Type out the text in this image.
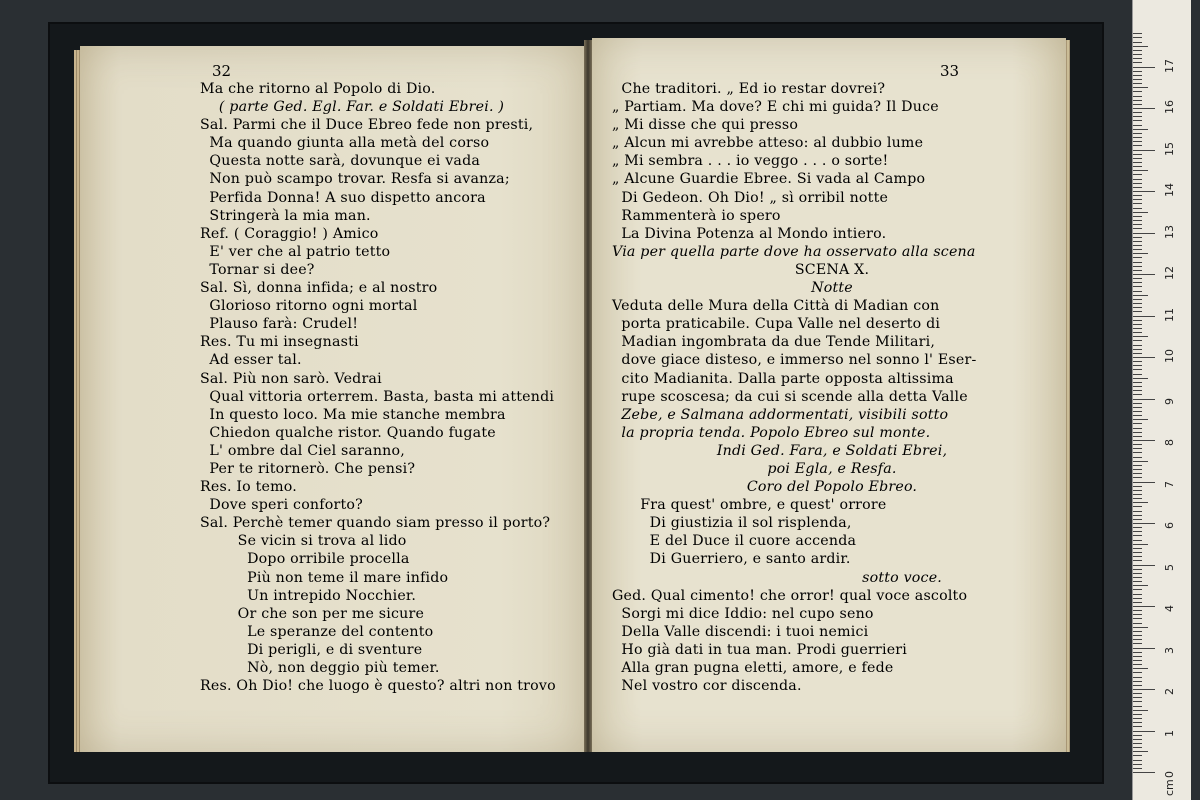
32	33
Ma che ritorno al Popolo di Dio.
( parte Ged. Egl. Far. e Soldati Ebrei. )
Sal. Parmi che il Duce Ebreo fede non presti,
Ma quando giunta alla metà del corso
Questa notte sarà, dovunque ei vada
Non può scampo trovar. Resfa si avanza;
Perfida Donna! A suo dispetto ancora
Stringerà la mia man.
Ref. ( Coraggio! ) Amico
E' ver che al patrio tetto
Tornar si dee?
Sal. Sì, donna infida; e al nostro
Glorioso ritorno ogni mortal
Plauso farà: Crudel!
Res. Tu mi insegnasti
Ad esser tal.
Sal. Più non sarò. Vedrai
Qual vittoria orterrem. Basta, basta mi attendi
In questo loco. Ma mie stanche membra
Chiedon qualche ristor. Quando fugate
L' ombre dal Ciel saranno,
Per te ritornerò. Che pensi?
Res. Io temo.
Dove speri conforto?
Sal. Perchè temer quando siam presso il porto?
Se vicin si trova al lido
Dopo orribile procella
Più non teme il mare infido
Un intrepido Nocchier.
Or che son per me sicure
Le speranze del contento
Di perigli, e di sventure
Nò, non deggio più temer.
Res. Oh Dio! che luogo è questo? altri non trovo
Che traditori. „ Ed io restar dovrei?
„ Partiam. Ma dove? E chi mi guida? Il Duce
„ Mi disse che qui presso
„ Alcun mi avrebbe atteso: al dubbio lume
„ Mi sembra . . . io veggo . . . o sorte!
„ Alcune Guardie Ebree. Si vada al Campo
Di Gedeon. Oh Dio! „ sì orribil notte
Rammenterà io spero
La Divina Potenza al Mondo intiero.
Via per quella parte dove ha osservato alla scena
SCENA X.
Notte
Veduta delle Mura della Città di Madian con
porta praticabile. Cupa Valle nel deserto di
Madian ingombrata da due Tende Militari,
dove giace disteso, e immerso nel sonno l' Eser-
cito Madianita. Dalla parte opposta altissima
rupe scoscesa; da cui si scende alla detta Valle
Zebe, e Salmana addormentati, visibili sotto
la propria tenda. Popolo Ebreo sul monte.
Indi Ged. Fara, e Soldati Ebrei,
poi Egla, e Resfa.
Coro del Popolo Ebreo.
Fra quest' ombre, e quest' orrore
Di giustizia il sol risplenda,
E del Duce il cuore accenda
Di Guerriero, e santo ardir.
sotto voce.
Ged. Qual cimento! che orror! qual voce ascolto
Sorgi mi dice Iddio: nel cupo seno
Della Valle discendi: i tuoi nemici
Ho già dati in tua man. Prodi guerrieri
Alla gran pugna eletti, amore, e fede
Nel vostro cor discenda.
0
1
2
3
4
5
6
7
8
9
10
11
12
13
14
15
16
17
cm
